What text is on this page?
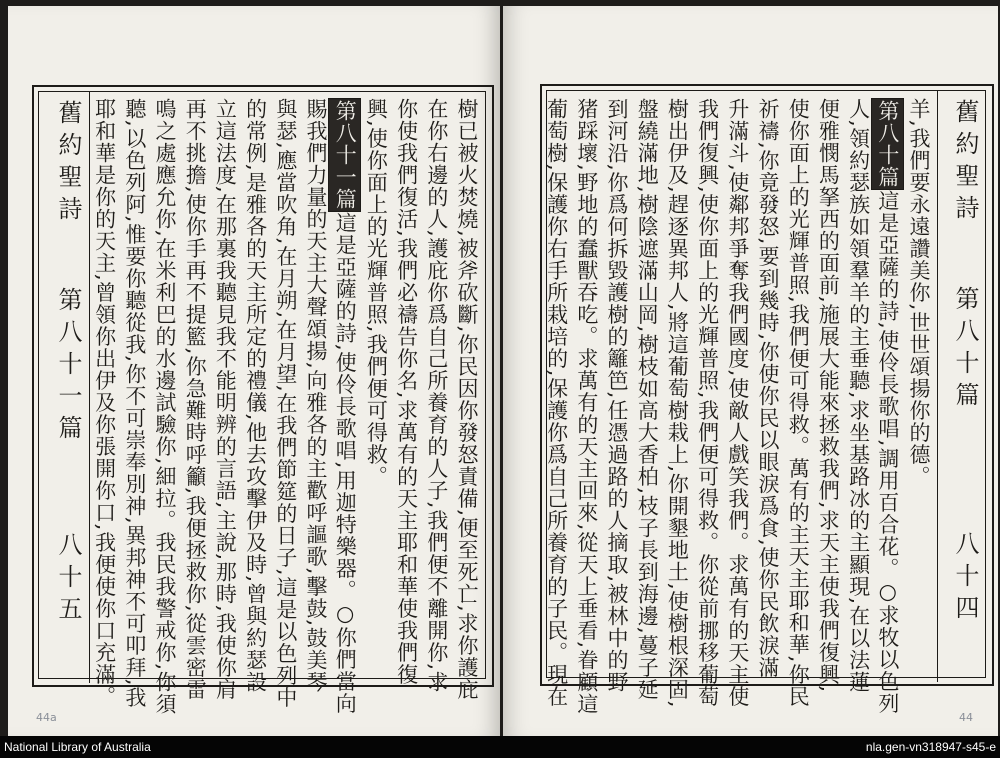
舊約聖詩
第八十一篇
八十五	樹已被火焚燒,被斧砍斷,你民因你發怒責備,便至死亡,求你護庇
在你右邊的人,護庇你爲自己所養育的人子,我們便不離開你,求
你使我們復活,我們必禱告你名,求萬有的天主耶和華使我們復
興,使你面上的光輝普照,我們便可得救。
第八十一篇這是亞薩的詩,使伶長歌唱,用迦特樂器。○你們當向
賜我們力量的天主大聲頌揚,向雅各的主歡呼謳歌,擊鼓,鼓美琴
與瑟,應當吹角,在月朔,在月望,在我們節筵的日子,這是以色列中
的常例,是雅各的天主所定的禮儀,他去攻擊伊及時,曾與約瑟設
立這法度,在那裏我聽見我不能明辨的言語,主說,那時,我使你肩
再不挑擔,使你手再不提籃,你急難時呼籲,我便拯救你,從雲密雷
鳴之處應允你,在米利巴的水邊試驗你,細拉。我民我警戒你,你須
聽,以色列阿,惟要你聽從我,你不可崇奉別神,異邦神不可叩拜,我
耶和華是你的天主,曾領你出伊及你張開你口,我便使你口充滿。
44a
羊,我們要永遠讚美你,世世頌揚你的德。
第八十篇這是亞薩的詩,使伶長歌唱,調用百合花。○求牧以色列
人,領約瑟族如領羣羊的主垂聽,求坐基路冰的主顯現,在以法蓮
便雅憫馬拏西的面前,施展大能來拯救我們,求天主使我們復興,
使你面上的光輝普照,我們便可得救。萬有的主天主耶和華,你民
祈禱,你竟發怒,要到幾時,你使你民以眼淚爲食,使你民飲淚滿
升滿斗,使鄰邦爭奪我們國度,使敵人戲笑我們。求萬有的天主使
我們復興,使你面上的光輝普照,我們便可得救。你從前挪移葡萄
樹出伊及,趕逐異邦人,將這葡萄樹栽上,你開墾地土,使樹根深固,
盤繞滿地,樹陰遮滿山岡,樹枝如高大香柏,枝子長到海邊,蔓子延
到河沿,你爲何拆毀護樹的籬笆,任憑過路的人摘取,被林中的野
猪踩壞,野地的蠢獸吞吃。求萬有的天主回來,從天上垂看,眷顧這
葡萄樹,保護你右手所栽培的,保護你爲自己所養育的子民。現在	舊約聖詩
第八十篇
八十四
44
National Library of Australia	nla.gen-vn318947-s45-e
